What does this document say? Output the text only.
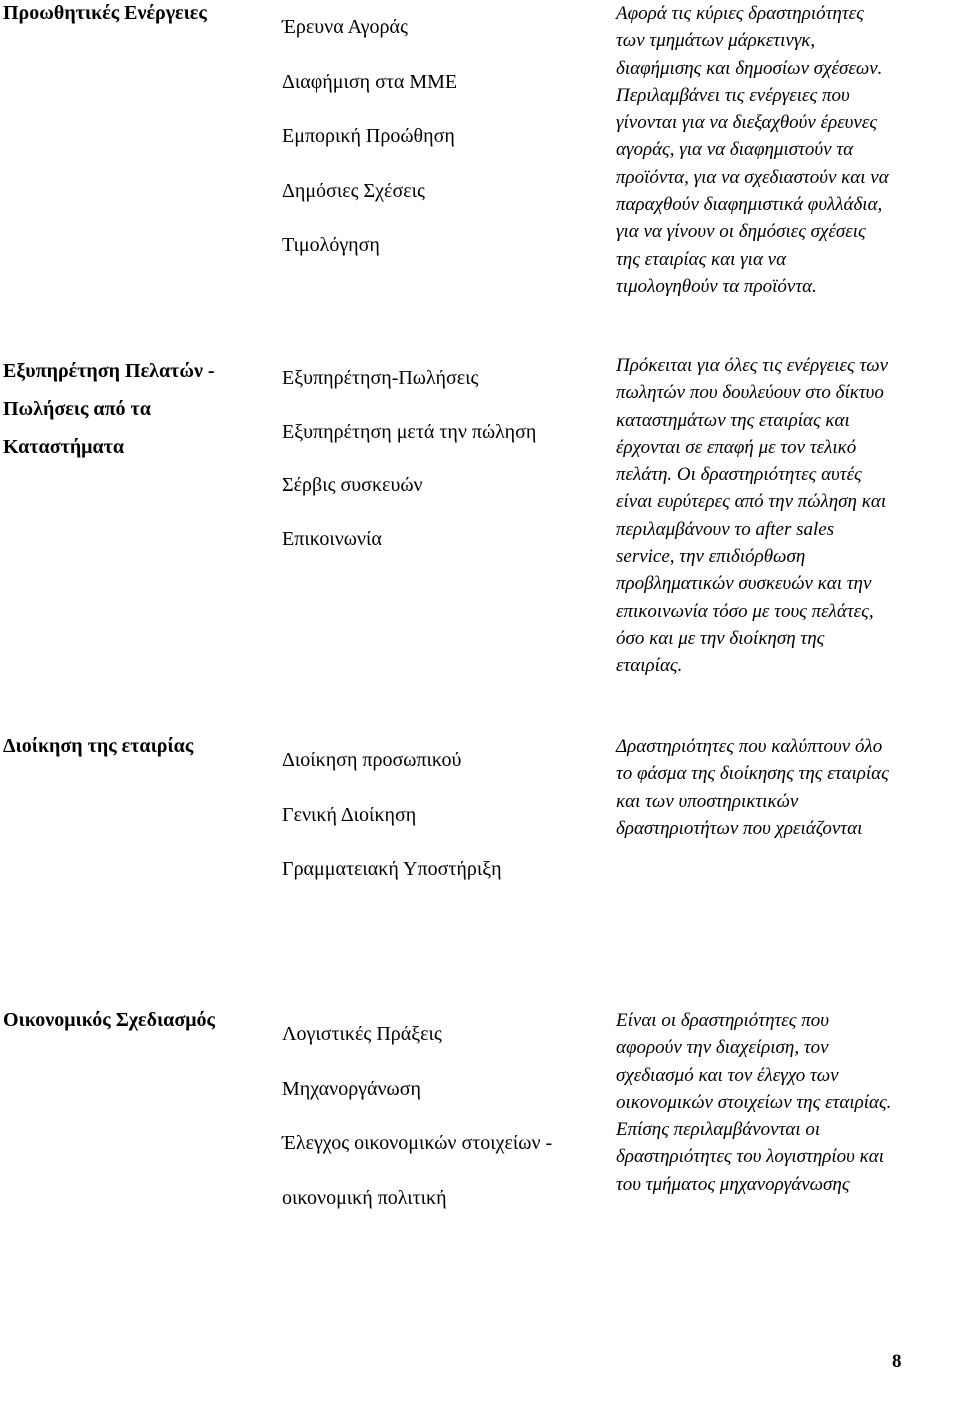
Προωθητικές Ενέργειες
Έρευνα Αγοράς
Διαφήμιση στα ΜΜΕ
Εμπορική Προώθηση
Δημόσιες Σχέσεις
Τιμολόγηση
Αφορά τις κύριες δραστηριότητες
των τμημάτων μάρκετινγκ,
διαφήμισης και δημοσίων σχέσεων.
Περιλαμβάνει τις ενέργειες που
γίνονται για να διεξαχθούν έρευνες
αγοράς, για να διαφημιστούν τα
προϊόντα, για να σχεδιαστούν και να
παραχθούν διαφημιστικά φυλλάδια,
για να γίνουν οι δημόσιες σχέσεις
της εταιρίας και για να
τιμολογηθούν τα προϊόντα.
Εξυπηρέτηση Πελατών -
Πωλήσεις από τα
Καταστήματα
Εξυπηρέτηση-Πωλήσεις
Εξυπηρέτηση μετά την πώληση
Σέρβις συσκευών
Επικοινωνία
Πρόκειται για όλες τις ενέργειες των
πωλητών που δουλεύουν στο δίκτυο
καταστημάτων της εταιρίας και
έρχονται σε επαφή με τον τελικό
πελάτη. Οι δραστηριότητες αυτές
είναι ευρύτερες από την πώληση και
περιλαμβάνουν το after sales
service, την επιδιόρθωση
προβληματικών συσκευών και την
επικοινωνία τόσο με τους πελάτες,
όσο και με την διοίκηση της
εταιρίας.
Διοίκηση της εταιρίας
Διοίκηση προσωπικού
Γενική Διοίκηση
Γραμματειακή Υποστήριξη
Δραστηριότητες που καλύπτουν όλο
το φάσμα της διοίκησης της εταιρίας
και των υποστηρικτικών
δραστηριοτήτων που χρειάζονται
Οικονομικός Σχεδιασμός
Λογιστικές Πράξεις
Μηχανοργάνωση
Έλεγχος οικονομικών στοιχείων -
οικονομική πολιτική
Είναι οι δραστηριότητες που
αφορούν την διαχείριση, τον
σχεδιασμό και τον έλεγχο των
οικονομικών στοιχείων της εταιρίας.
Επίσης περιλαμβάνονται οι
δραστηριότητες του λογιστηρίου και
του τμήματος μηχανοργάνωσης
8
